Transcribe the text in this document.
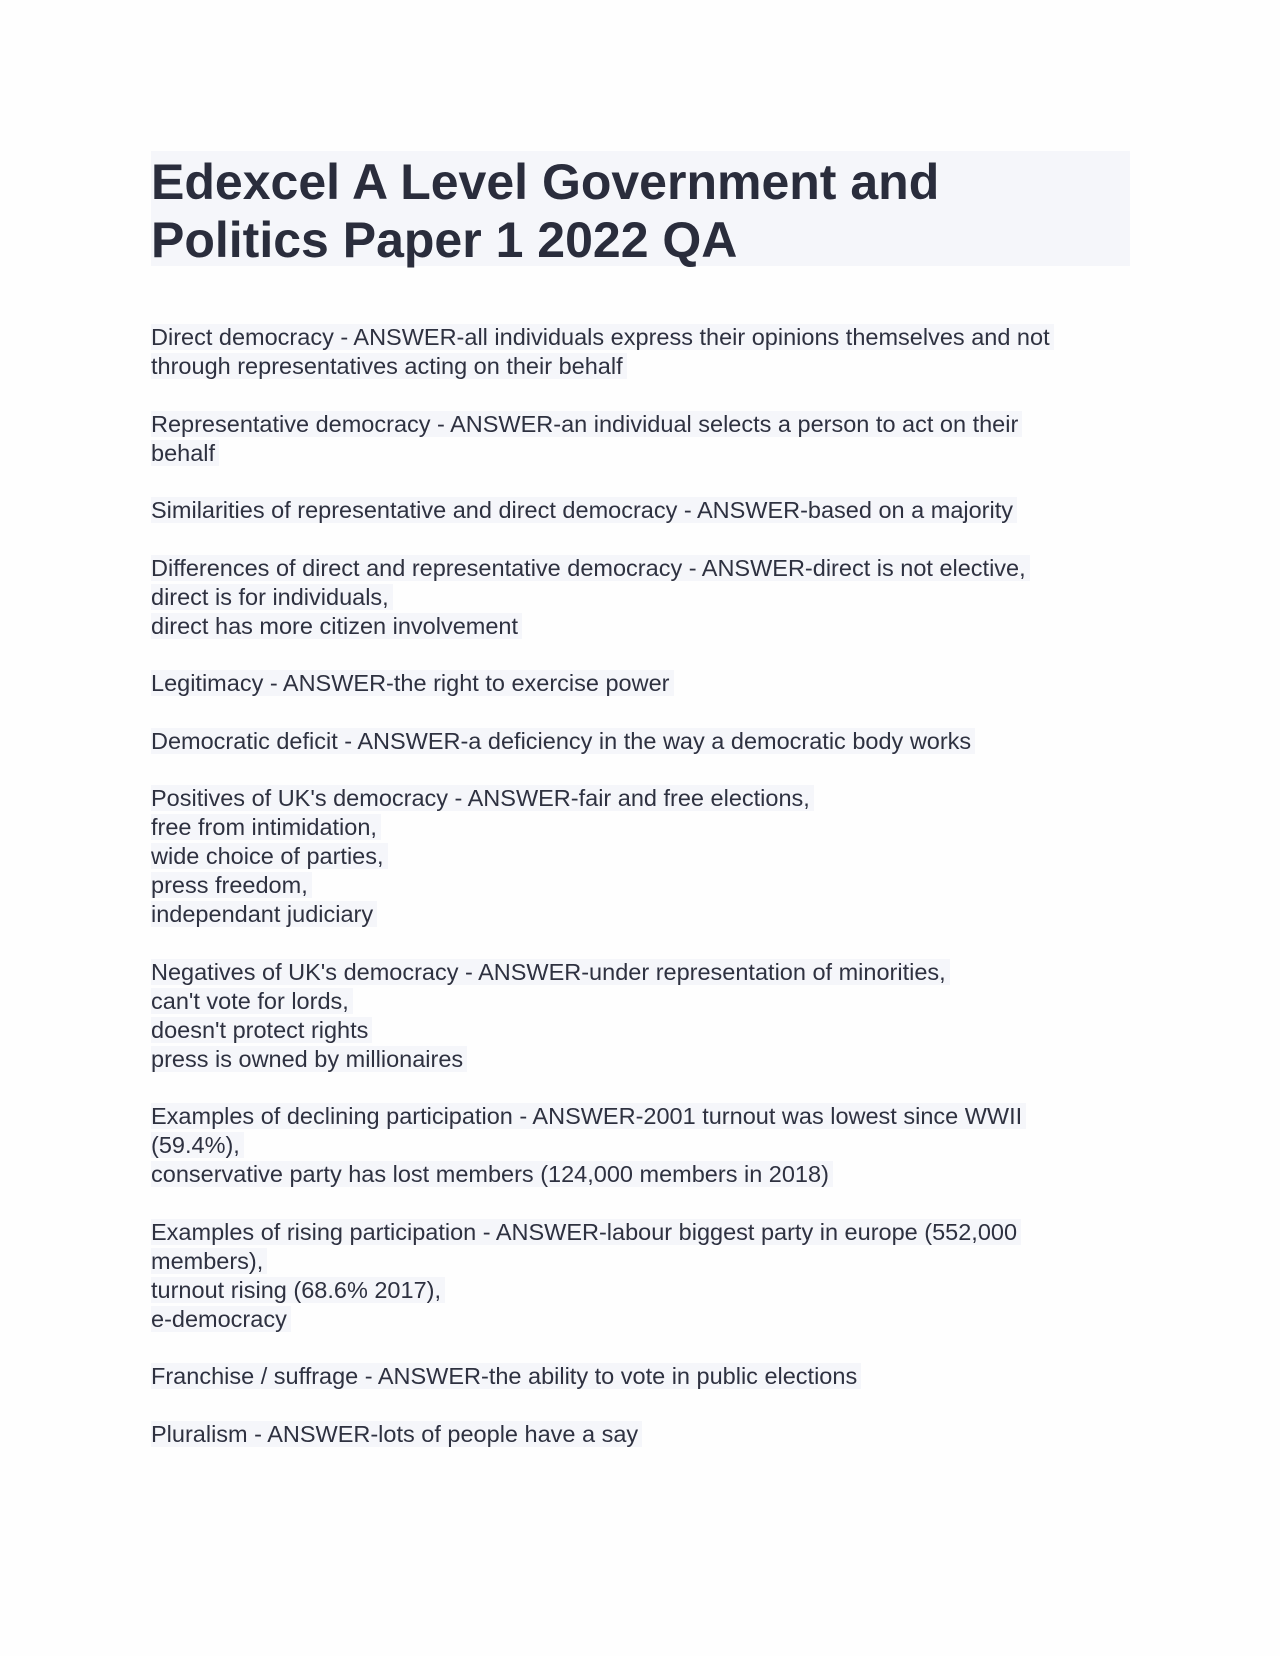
Edexcel A Level Government and
Politics Paper 1 2022 QA
Direct democracy - ANSWER-all individuals express their opinions themselves and not
through representatives acting on their behalf
Representative democracy - ANSWER-an individual selects a person to act on their
behalf
Similarities of representative and direct democracy - ANSWER-based on a majority
Differences of direct and representative democracy - ANSWER-direct is not elective,
direct is for individuals,
direct has more citizen involvement
Legitimacy - ANSWER-the right to exercise power
Democratic deficit - ANSWER-a deficiency in the way a democratic body works
Positives of UK's democracy - ANSWER-fair and free elections,
free from intimidation,
wide choice of parties,
press freedom,
independant judiciary
Negatives of UK's democracy - ANSWER-under representation of minorities,
can't vote for lords,
doesn't protect rights
press is owned by millionaires
Examples of declining participation - ANSWER-2001 turnout was lowest since WWII
(59.4%),
conservative party has lost members (124,000 members in 2018)
Examples of rising participation - ANSWER-labour biggest party in europe (552,000
members),
turnout rising (68.6% 2017),
e-democracy
Franchise / suffrage - ANSWER-the ability to vote in public elections
Pluralism - ANSWER-lots of people have a say
